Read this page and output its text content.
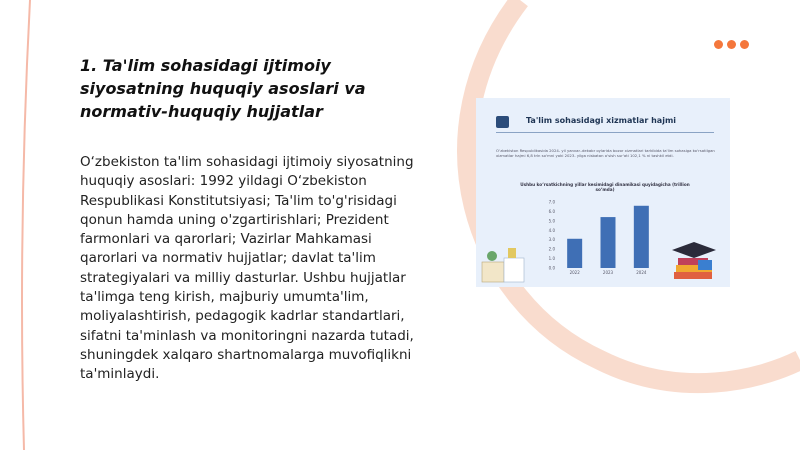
1. Ta'lim sohasidagi ijtimoiy siyosatning huquqiy asoslari va normativ-huquqiy hujjatlar

O‘zbekiston ta'lim sohasidagi ijtimoiy siyosatning huquqiy asoslari: 1992 yildagi O‘zbekiston Respublikasi Konstitutsiyasi; Ta'lim to'g'risidagi qonun hamda uning o'zgartirishlari; Prezident farmonlari va qarorlari; Vazirlar Mahkamasi qarorlari va normativ hujjatlar; davlat ta'lim strategiyalari va milliy dasturlar. Ushbu hujjatlar ta'limga teng kirish, majburiy umumta'lim, moliyalashtirish, pedagogik kadrlar standartlari, sifatni ta'minlash va monitoringni nazarda tutadi, shuningdek xalqaro shartnomalarga muvofiqlikni ta'minlaydi.

Ta'lim sohasidagi xizmatlar hajmi
O‘zbekiston Respublikasida 2024- yil yanvar–dekabr oylarida bozor xizmatlari tarkibida ta'lim sohasiga ko‘rsatilgan xizmatlar hajmi 6,8 trln so‘mni yoki 2023- yilga nisbatan o‘sish sur'ati 102,1 % ni tashkil etdi.
Ushbu ko‘rsatkichning yillar kesimidagi dinamikasi quyidagicha (trillion so‘mda)
0.0
1.0
2.0
3.0
4.0
5.0
6.0
7.0
2022	2023	2024
